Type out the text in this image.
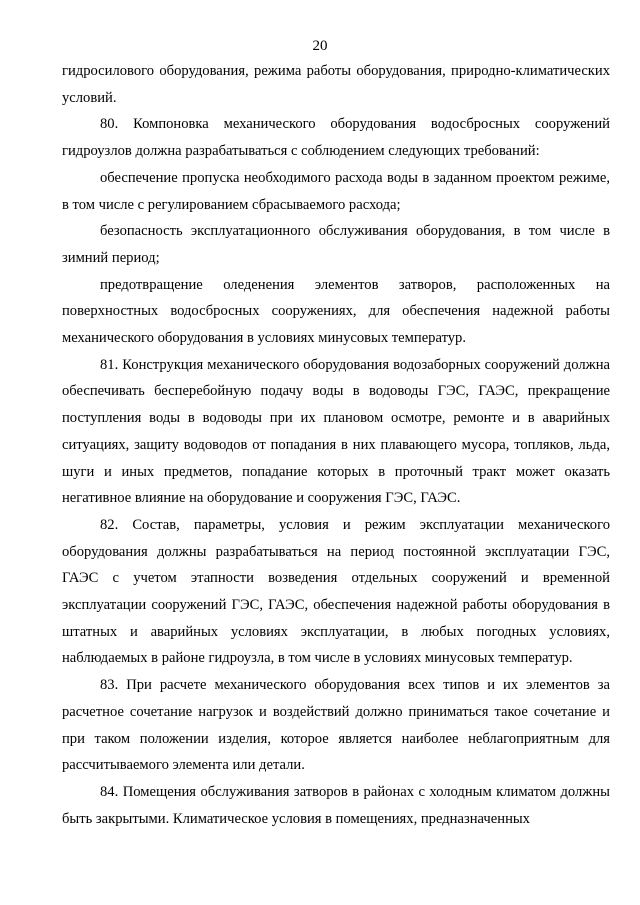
20

гидросилового оборудования, режима работы оборудования, природно-климатических условий.

80. Компоновка механического оборудования водосбросных сооружений гидроузлов должна разрабатываться с соблюдением следующих требований:

обеспечение пропуска необходимого расхода воды в заданном проектом режиме, в том числе с регулированием сбрасываемого расхода;

безопасность эксплуатационного обслуживания оборудования, в том числе в зимний период;

предотвращение оледенения элементов затворов, расположенных на поверхностных водосбросных сооружениях, для обеспечения надежной работы механического оборудования в условиях минусовых температур.

81. Конструкция механического оборудования водозаборных сооружений должна обеспечивать бесперебойную подачу воды в водоводы ГЭС, ГАЭС, прекращение поступления воды в водоводы при их плановом осмотре, ремонте и в аварийных ситуациях, защиту водоводов от попадания в них плавающего мусора, топляков, льда, шуги и иных предметов, попадание которых в проточный тракт может оказать негативное влияние на оборудование и сооружения ГЭС, ГАЭС.

82. Состав, параметры, условия и режим эксплуатации механического оборудования должны разрабатываться на период постоянной эксплуатации ГЭС, ГАЭС с учетом этапности возведения отдельных сооружений и временной эксплуатации сооружений ГЭС, ГАЭС, обеспечения надежной работы оборудования в штатных и аварийных условиях эксплуатации, в любых погодных условиях, наблюдаемых в районе гидроузла, в том числе в условиях минусовых температур.

83. При расчете механического оборудования всех типов и их элементов за расчетное сочетание нагрузок и воздействий должно приниматься такое сочетание и при таком положении изделия, которое является наиболее неблагоприятным для рассчитываемого элемента или детали.

84. Помещения обслуживания затворов в районах с холодным климатом должны быть закрытыми. Климатическое условия в помещениях, предназначенных
